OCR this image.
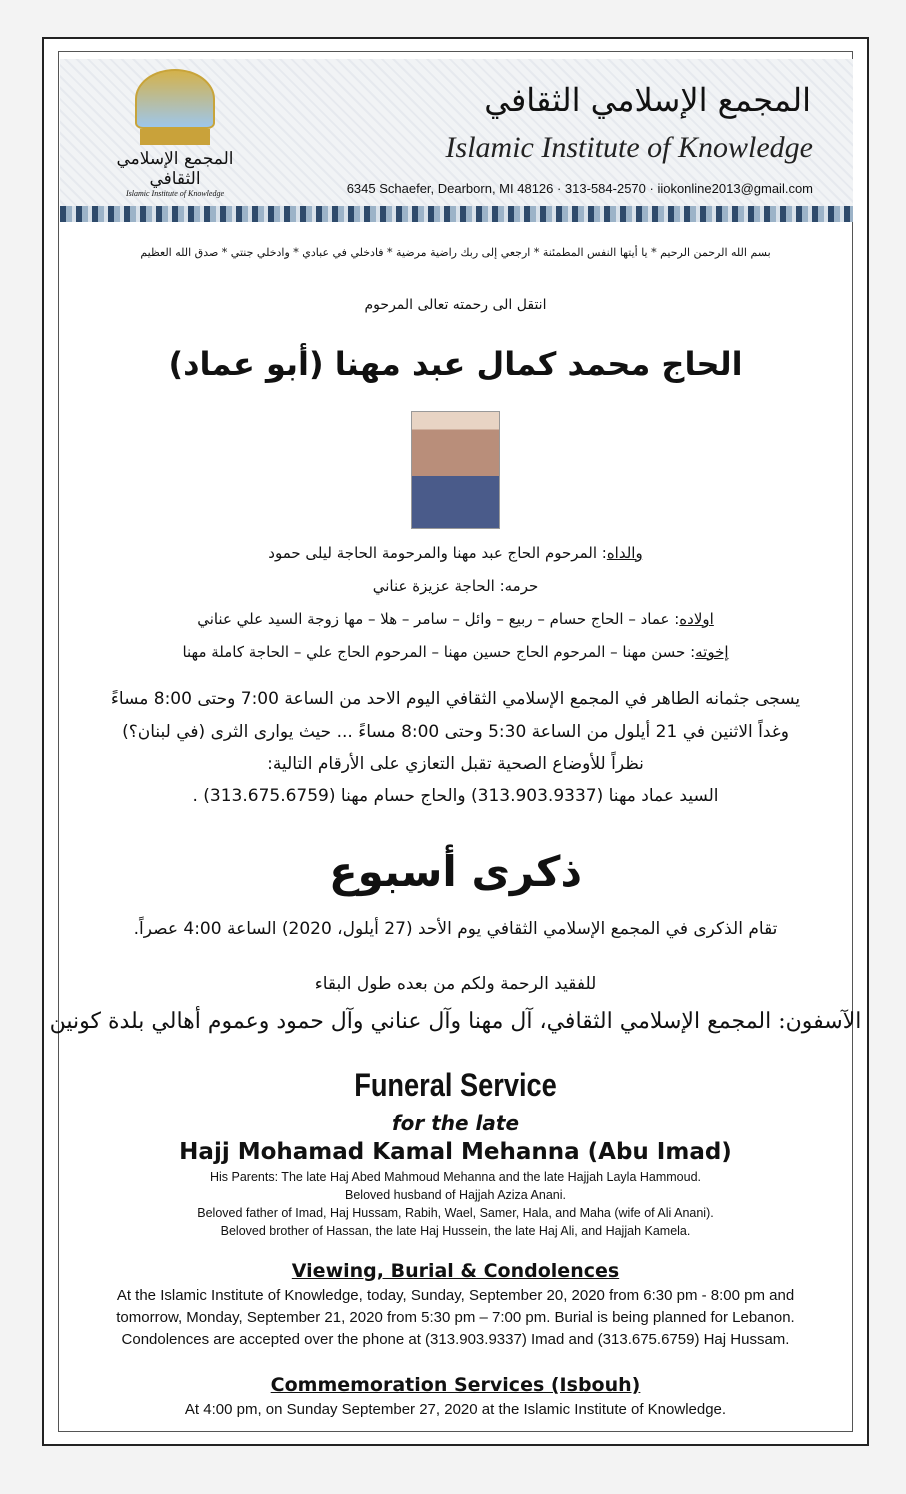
المجمع الإسلامي الثقافي
Islamic Institute of Knowledge
المجمع الإسلامي الثقافي
Islamic Institute of Knowledge
6345 Schaefer, Dearborn, MI 48126 · 313-584-2570 · iiokonline2013@gmail.com
بسم الله الرحمن الرحيم * يا أيتها النفس المطمئنة * ارجعي إلى ربك راضية مرضية * فادخلي في عبادي * وادخلي جنتي * صدق الله العظيم
انتقل الى رحمته تعالى المرحوم
الحاج محمد كمال عبد مهنا (أبو عماد)
والداه: المرحوم الحاج عبد مهنا والمرحومة الحاجة ليلى حمود
حرمه: الحاجة عزيزة عناني
اولاده: عماد – الحاج حسام – ربيع – وائل – سامر – هلا – مها زوجة السيد علي عناني
إخوته: حسن مهنا – المرحوم الحاج حسين مهنا – المرحوم الحاج علي – الحاجة كاملة مهنا
يسجى جثمانه الطاهر في المجمع الإسلامي الثقافي اليوم الاحد من الساعة 7:00 وحتى 8:00 مساءً
وغداً الاثنين في 21 أيلول من الساعة 5:30 وحتى 8:00 مساءً ... حيث يوارى الثرى (في لبنان؟)
نظراً للأوضاع الصحية تقبل التعازي على الأرقام التالية:
السيد عماد مهنا (313.903.9337) والحاج حسام مهنا (313.675.6759) .
ذكرى أسبوع
تقام الذكرى في المجمع الإسلامي الثقافي يوم الأحد (27 أيلول، 2020) الساعة 4:00 عصراً.
للفقيد الرحمة ولكم من بعده طول البقاء
الآسفون: المجمع الإسلامي الثقافي، آل مهنا وآل عناني وآل حمود وعموم أهالي بلدة كونين
Funeral Service
for the late
Hajj Mohamad Kamal Mehanna (Abu Imad)
His Parents: The late Haj Abed Mahmoud Mehanna and the late Hajjah Layla Hammoud.
Beloved husband of Hajjah Aziza Anani.
Beloved father of Imad, Haj Hussam, Rabih, Wael, Samer, Hala, and Maha (wife of Ali Anani).
Beloved brother of Hassan, the late Haj Hussein, the late Haj Ali, and Hajjah Kamela.
Viewing, Burial & Condolences
At the Islamic Institute of Knowledge, today, Sunday, September 20, 2020 from 6:30 pm - 8:00 pm and
tomorrow, Monday, September 21, 2020 from 5:30 pm – 7:00 pm. Burial is being planned for Lebanon.
Condolences are accepted over the phone at (313.903.9337) Imad and (313.675.6759) Haj Hussam.
Commemoration Services (Isbouh)
At 4:00 pm, on Sunday September 27, 2020 at the Islamic Institute of Knowledge.
